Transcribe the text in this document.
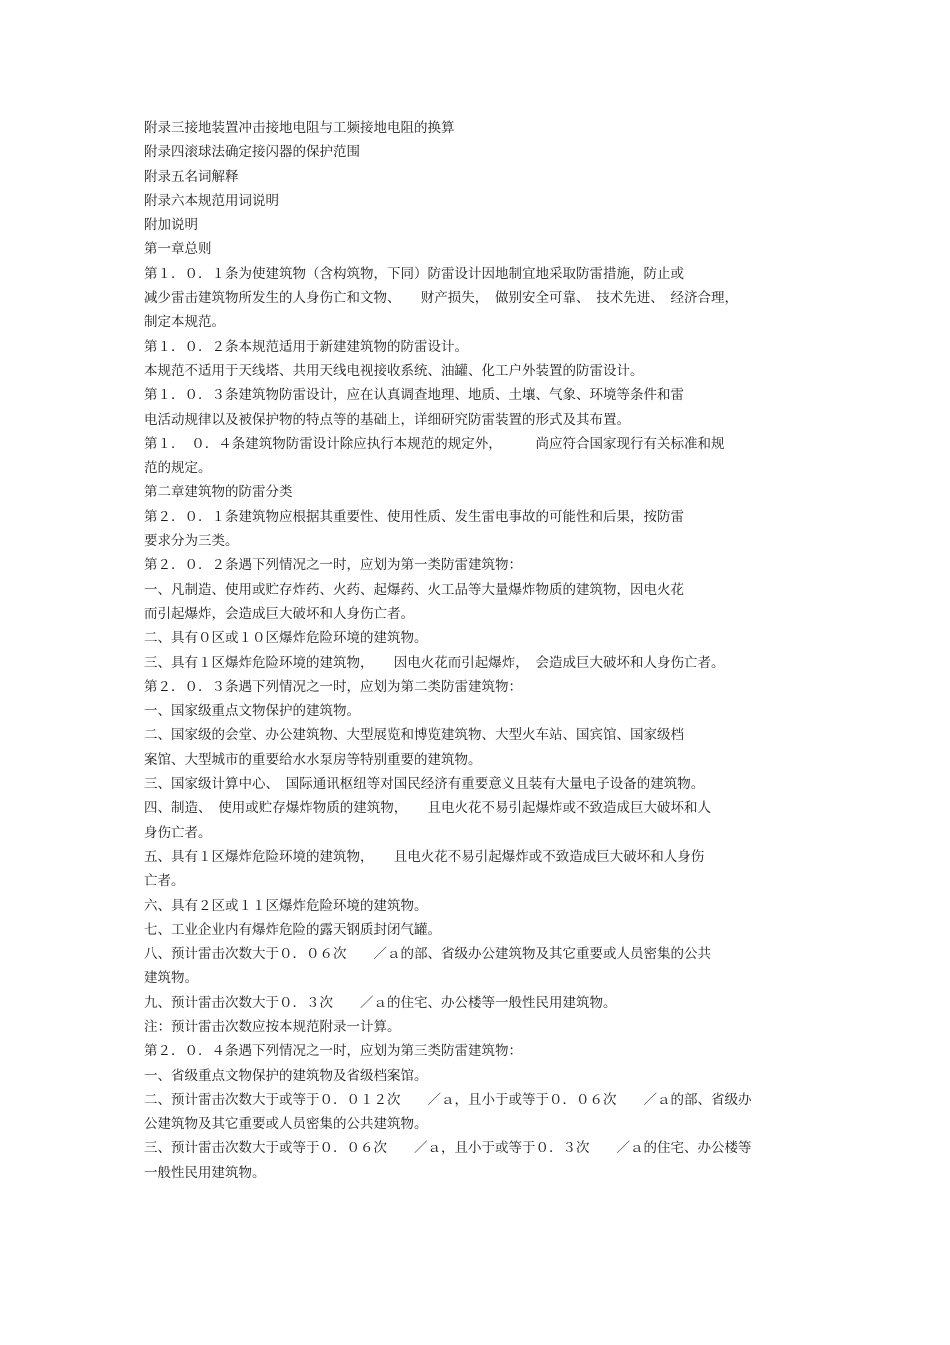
附录三接地装置冲击接地电阻与工频接地电阻的换算
附录四滚球法确定接闪器的保护范围
附录五名词解释
附录六本规范用词说明
附加说明
第一章总则
第１．０．１条为使建筑物（含构筑物，下同）防雷设计因地制宜地采取防雷措施，防止或
减少雷击建筑物所发生的人身伤亡和文物、　　财产损失，　做别安全可靠、　技术先进、　经济合理，
制定本规范。
第１．０．２条本规范适用于新建建筑物的防雷设计。
本规范不适用于天线塔、共用天线电视接收系统、油罐、化工户外装置的防雷设计。
第１．０．３条建筑物防雷设计，应在认真调查地理、地质、土壤、气象、环境等条件和雷
电活动规律以及被保护物的特点等的基础上，详细研究防雷装置的形式及其布置。
第１．　０．４条建筑物防雷设计除应执行本规范的规定外，　　　尚应符合国家现行有关标准和规
范的规定。
第二章建筑物的防雷分类
第２．０．１条建筑物应根据其重要性、使用性质、发生雷电事故的可能性和后果，按防雷
要求分为三类。
第２．０．２条遇下列情况之一时，应划为第一类防雷建筑物：
一、凡制造、使用或贮存炸药、火药、起爆药、火工品等大量爆炸物质的建筑物，因电火花
而引起爆炸，会造成巨大破坏和人身伤亡者。
二、具有０区或１０区爆炸危险环境的建筑物。
三、具有１区爆炸危险环境的建筑物，　　因电火花而引起爆炸，　会造成巨大破坏和人身伤亡者。
第２．０．３条遇下列情况之一时，应划为第二类防雷建筑物：
一、国家级重点文物保护的建筑物。
二、国家级的会堂、办公建筑物、大型展览和博览建筑物、大型火车站、国宾馆、国家级档
案馆、大型城市的重要给水水泵房等特别重要的建筑物。
三、国家级计算中心、　国际通讯枢纽等对国民经济有重要意义且装有大量电子设备的建筑物。
四、制造、　使用或贮存爆炸物质的建筑物，　　且电火花不易引起爆炸或不致造成巨大破坏和人
身伤亡者。
五、具有１区爆炸危险环境的建筑物，　　且电火花不易引起爆炸或不致造成巨大破坏和人身伤
亡者。
六、具有２区或１１区爆炸危险环境的建筑物。
七、工业企业内有爆炸危险的露天钢质封闭气罐。
八、预计雷击次数大于０．０６次　　／ａ的部、省级办公建筑物及其它重要或人员密集的公共
建筑物。
九、预计雷击次数大于０．３次　　／ａ的住宅、办公楼等一般性民用建筑物。
注：预计雷击次数应按本规范附录一计算。
第２．０．４条遇下列情况之一时，应划为第三类防雷建筑物：
一、省级重点文物保护的建筑物及省级档案馆。
二、预计雷击次数大于或等于０．０１２次　　／ａ，且小于或等于０．０６次　　／ａ的部、省级办
公建筑物及其它重要或人员密集的公共建筑物。
三、预计雷击次数大于或等于０．０６次　　／ａ，且小于或等于０．３次　　／ａ的住宅、办公楼等
一般性民用建筑物。
